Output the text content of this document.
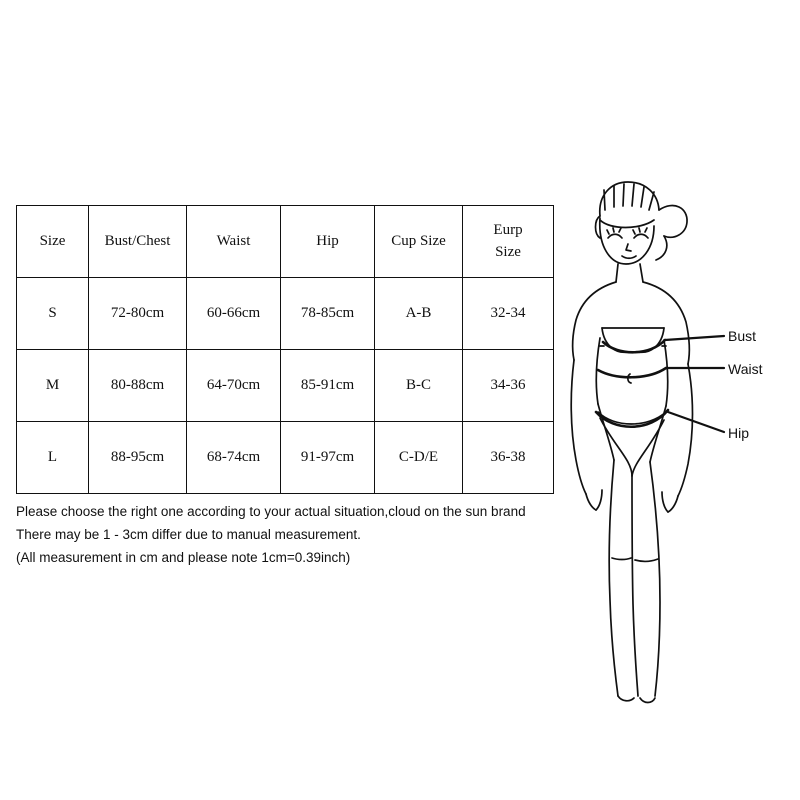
Size	Bust/Chest	Waist	Hip	Cup Size	Eurp
Size

S	72-80cm	60-66cm	78-85cm	A-B	32-34
M	80-88cm	64-70cm	85-91cm	B-C	34-36
L	88-95cm	68-74cm	91-97cm	C-D/E	36-38
Please choose the right one according to your actual situation,cloud on the sun brand
There may be 1 - 3cm differ due to manual measurement.
(All measurement in cm and please note 1cm=0.39inch)
Bust
Waist
Hip
